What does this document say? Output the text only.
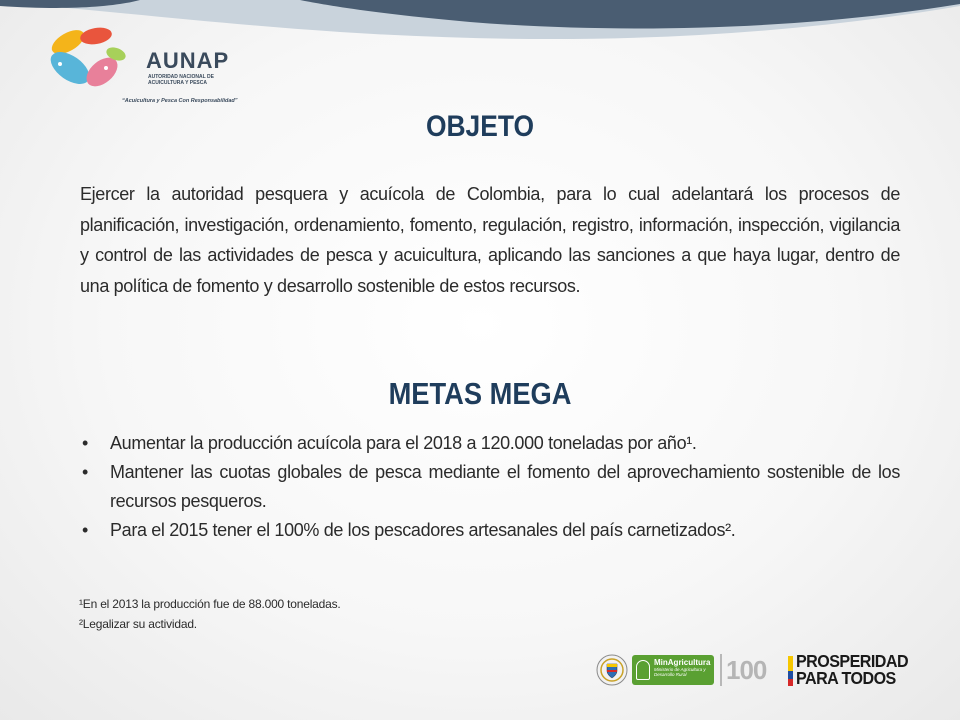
AUNAP
AUTORIDAD NACIONAL DE ACUICULTURA Y PESCA
“Acuicultura y Pesca Con Responsabilidad”
OBJETO
Ejercer la autoridad pesquera y acuícola de Colombia, para lo cual adelantará los procesos de planificación, investigación, ordenamiento, fomento, regulación, registro, información, inspección, vigilancia y control de las actividades de pesca y acuicultura, aplicando las sanciones a que haya lugar, dentro de una política de fomento y desarrollo sostenible de estos recursos.
METAS MEGA
• Aumentar la producción acuícola para el 2018 a 120.000 toneladas por año¹.
• Mantener las cuotas globales de pesca mediante el fomento del aprovechamiento sostenible de los recursos pesqueros.
• Para el 2015 tener el 100% de los pescadores artesanales del país carnetizados².
¹En el 2013 la producción fue de 88.000 toneladas.
²Legalizar su actividad.
MinAgricultura
Ministerio de Agricultura y Desarrollo Rural	100 PROSPERIDAD
PARA TODOS
